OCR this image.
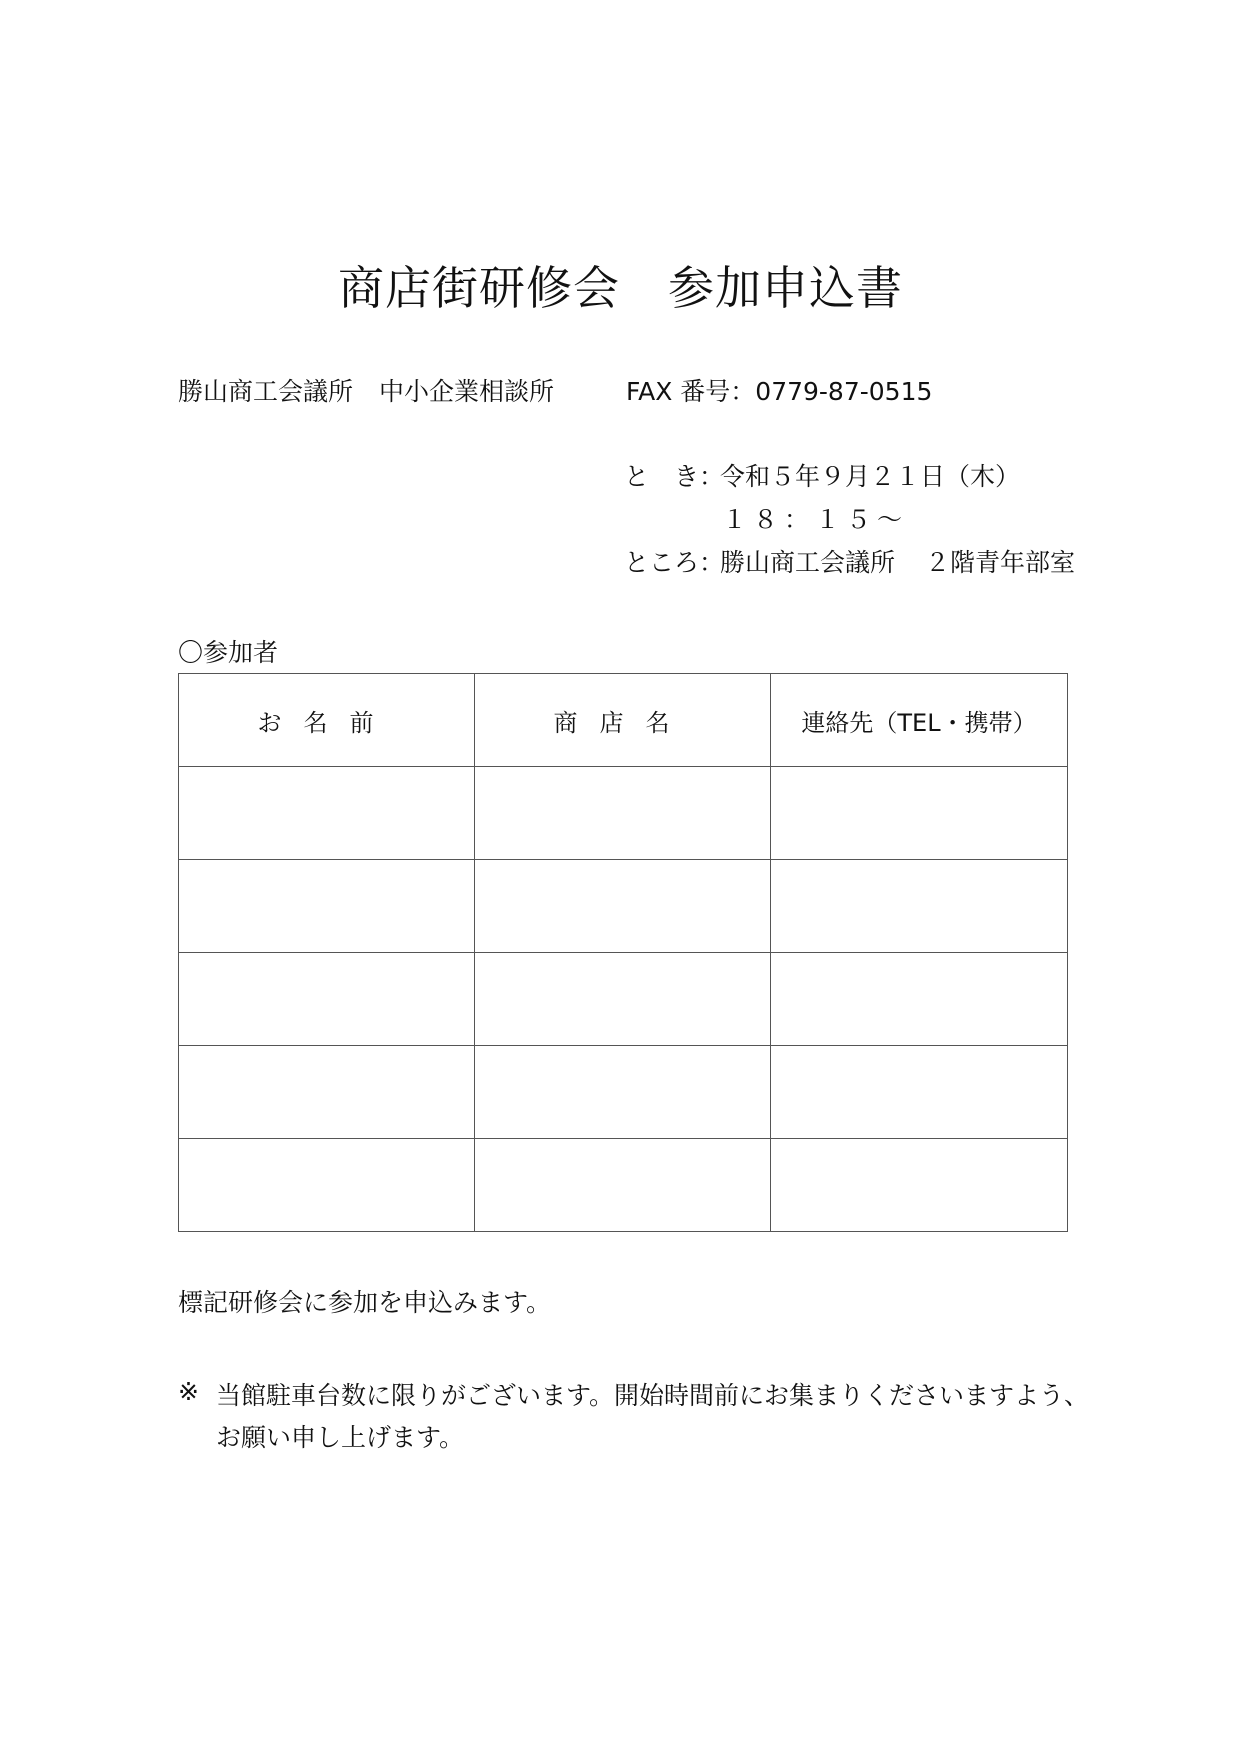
商店街研修会 参加申込書
勝山商工会議所 中小企業相談所	FAX 番号：0779-87-0515
と　き：令和５年９月２１日（木）
１８：１５～
ところ：勝山商工会議所 ２階青年部室
〇参加者
お名前	商店名	連絡先（TEL・携帯）

標記研修会に参加を申込みます。
※ 当館駐車台数に限りがございます。開始時間前にお集まりくださいますよう、
お願い申し上げます。
